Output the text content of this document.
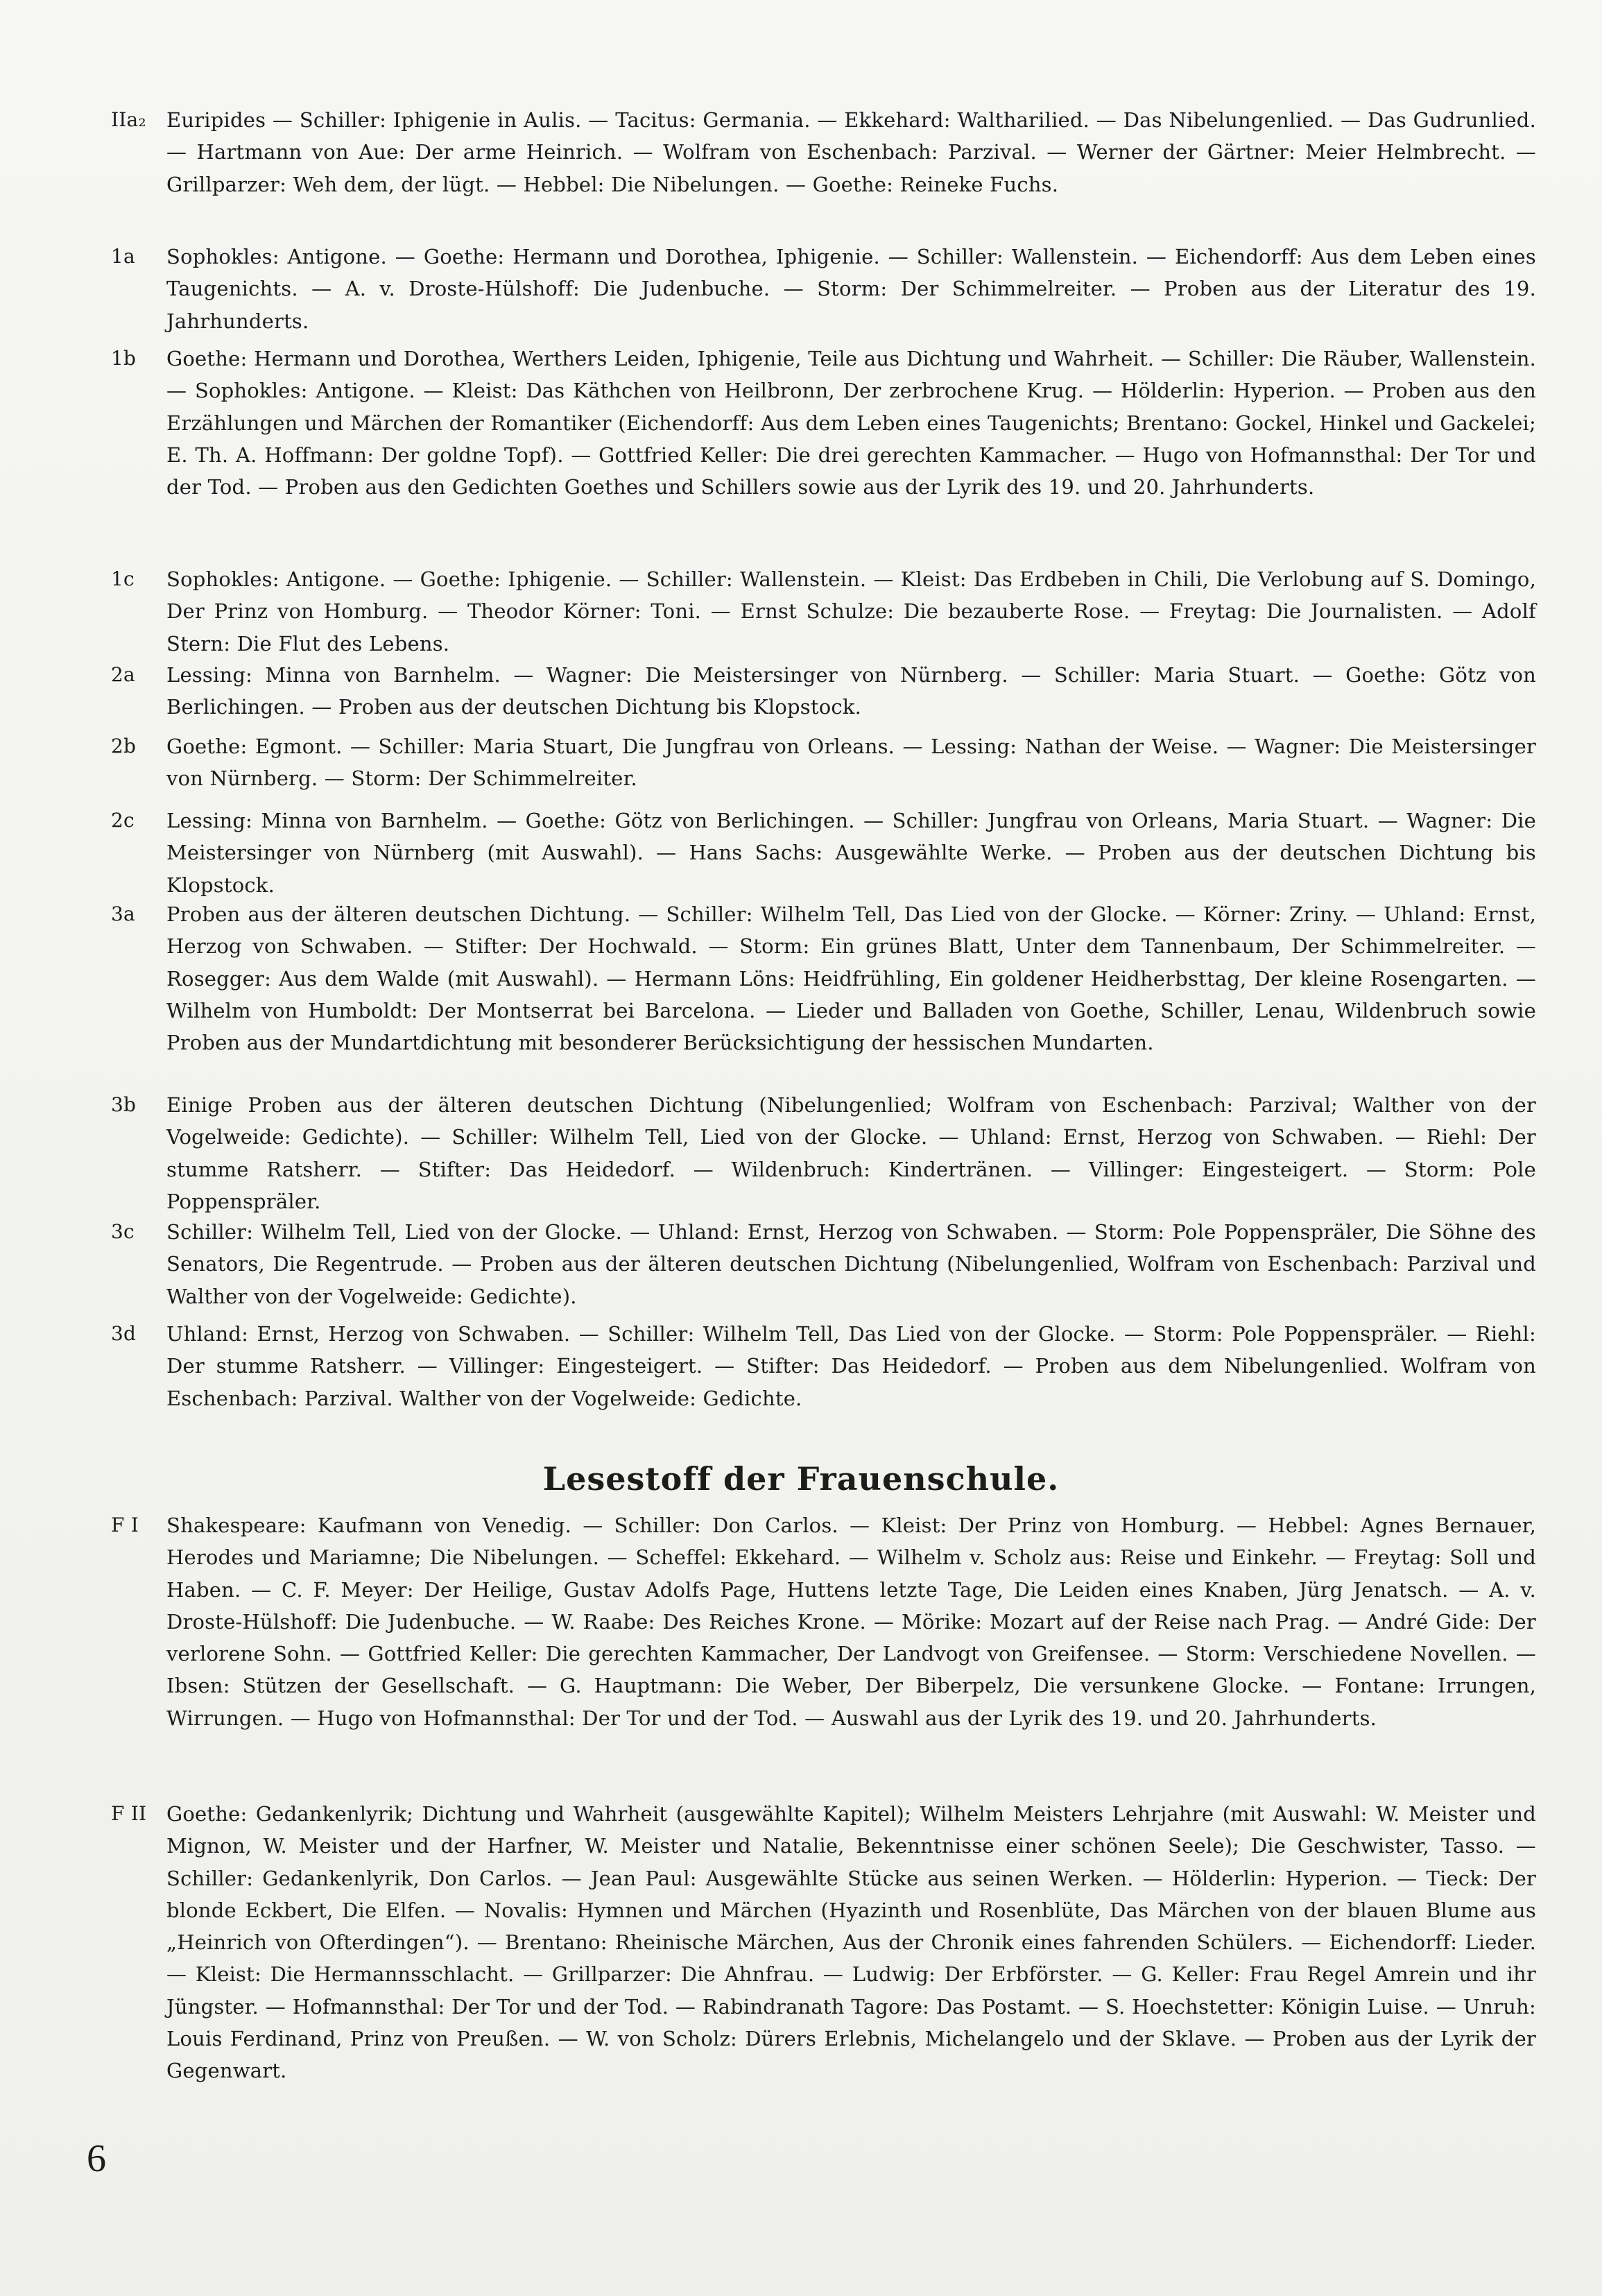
IIa₂	Euripides — Schiller: Iphigenie in Aulis. — Tacitus: Germania. — Ekkehard: Waltharilied. — Das Nibelungenlied. — Das Gudrunlied. — Hartmann von Aue: Der arme Heinrich. — Wolfram von Eschenbach: Parzival. — Werner der Gärtner: Meier Helmbrecht. — Grillparzer: Weh dem, der lügt. — Hebbel: Die Nibelungen. — Goethe: Reineke Fuchs.
1a	Sophokles: Antigone. — Goethe: Hermann und Dorothea, Iphigenie. — Schiller: Wallenstein. — Eichendorff: Aus dem Leben eines Taugenichts. — A. v. Droste-Hülshoff: Die Judenbuche. — Storm: Der Schimmelreiter. — Proben aus der Literatur des 19. Jahrhunderts.
1b	Goethe: Hermann und Dorothea, Werthers Leiden, Iphigenie, Teile aus Dichtung und Wahrheit. — Schiller: Die Räuber, Wallenstein. — Sophokles: Antigone. — Kleist: Das Käthchen von Heilbronn, Der zerbrochene Krug. — Hölderlin: Hyperion. — Proben aus den Erzählungen und Märchen der Romantiker (Eichendorff: Aus dem Leben eines Taugenichts; Brentano: Gockel, Hinkel und Gackelei; E. Th. A. Hoffmann: Der goldne Topf). — Gottfried Keller: Die drei gerechten Kammacher. — Hugo von Hofmannsthal: Der Tor und der Tod. — Proben aus den Gedichten Goethes und Schillers sowie aus der Lyrik des 19. und 20. Jahrhunderts.
1c	Sophokles: Antigone. — Goethe: Iphigenie. — Schiller: Wallenstein. — Kleist: Das Erdbeben in Chili, Die Verlobung auf S. Domingo, Der Prinz von Homburg. — Theodor Körner: Toni. — Ernst Schulze: Die bezauberte Rose. — Freytag: Die Journalisten. — Adolf Stern: Die Flut des Lebens.
2a	Lessing: Minna von Barnhelm. — Wagner: Die Meistersinger von Nürnberg. — Schiller: Maria Stuart. — Goethe: Götz von Berlichingen. — Proben aus der deutschen Dichtung bis Klopstock.
2b	Goethe: Egmont. — Schiller: Maria Stuart, Die Jungfrau von Orleans. — Lessing: Nathan der Weise. — Wagner: Die Meistersinger von Nürnberg. — Storm: Der Schimmelreiter.
2c	Lessing: Minna von Barnhelm. — Goethe: Götz von Berlichingen. — Schiller: Jungfrau von Orleans, Maria Stuart. — Wagner: Die Meistersinger von Nürnberg (mit Auswahl). — Hans Sachs: Ausgewählte Werke. — Proben aus der deutschen Dichtung bis Klopstock.
3a	Proben aus der älteren deutschen Dichtung. — Schiller: Wilhelm Tell, Das Lied von der Glocke. — Körner: Zriny. — Uhland: Ernst, Herzog von Schwaben. — Stifter: Der Hochwald. — Storm: Ein grünes Blatt, Unter dem Tannenbaum, Der Schimmelreiter. — Rosegger: Aus dem Walde (mit Auswahl). — Hermann Löns: Heidfrühling, Ein goldener Heidherbsttag, Der kleine Rosengarten. — Wilhelm von Humboldt: Der Montserrat bei Barcelona. — Lieder und Balladen von Goethe, Schiller, Lenau, Wildenbruch sowie Proben aus der Mundartdichtung mit besonderer Berücksichtigung der hessischen Mundarten.
3b	Einige Proben aus der älteren deutschen Dichtung (Nibelungenlied; Wolfram von Eschenbach: Parzival; Walther von der Vogelweide: Gedichte). — Schiller: Wilhelm Tell, Lied von der Glocke. — Uhland: Ernst, Herzog von Schwaben. — Riehl: Der stumme Ratsherr. — Stifter: Das Heidedorf. — Wildenbruch: Kindertränen. — Villinger: Eingesteigert. — Storm: Pole Poppenspräler.
3c	Schiller: Wilhelm Tell, Lied von der Glocke. — Uhland: Ernst, Herzog von Schwaben. — Storm: Pole Poppenspräler, Die Söhne des Senators, Die Regentrude. — Proben aus der älteren deutschen Dichtung (Nibelungenlied, Wolfram von Eschenbach: Parzival und Walther von der Vogelweide: Gedichte).
3d	Uhland: Ernst, Herzog von Schwaben. — Schiller: Wilhelm Tell, Das Lied von der Glocke. — Storm: Pole Poppenspräler. — Riehl: Der stumme Ratsherr. — Villinger: Eingesteigert. — Stifter: Das Heidedorf. — Proben aus dem Nibelungenlied. Wolfram von Eschenbach: Parzival. Walther von der Vogelweide: Gedichte.
Lesestoff der Frauenschule.
F I	Shakespeare: Kaufmann von Venedig. — Schiller: Don Carlos. — Kleist: Der Prinz von Homburg. — Hebbel: Agnes Bernauer, Herodes und Mariamne; Die Nibelungen. — Scheffel: Ekkehard. — Wilhelm v. Scholz aus: Reise und Einkehr. — Freytag: Soll und Haben. — C. F. Meyer: Der Heilige, Gustav Adolfs Page, Huttens letzte Tage, Die Leiden eines Knaben, Jürg Jenatsch. — A. v. Droste-Hülshoff: Die Judenbuche. — W. Raabe: Des Reiches Krone. — Mörike: Mozart auf der Reise nach Prag. — André Gide: Der verlorene Sohn. — Gottfried Keller: Die gerechten Kammacher, Der Landvogt von Greifensee. — Storm: Verschiedene Novellen. — Ibsen: Stützen der Gesellschaft. — G. Hauptmann: Die Weber, Der Biberpelz, Die versunkene Glocke. — Fontane: Irrungen, Wirrungen. — Hugo von Hofmannsthal: Der Tor und der Tod. — Auswahl aus der Lyrik des 19. und 20. Jahrhunderts.
F II Goethe: Gedankenlyrik; Dichtung und Wahrheit (ausgewählte Kapitel); Wilhelm Meisters Lehrjahre (mit Auswahl: W. Meister und Mignon, W. Meister und der Harfner, W. Meister und Natalie, Bekenntnisse einer schönen Seele); Die Geschwister, Tasso. — Schiller: Gedankenlyrik, Don Carlos. — Jean Paul: Ausgewählte Stücke aus seinen Werken. — Hölderlin: Hyperion. — Tieck: Der blonde Eckbert, Die Elfen. — Novalis: Hymnen und Märchen (Hyazinth und Rosenblüte, Das Märchen von der blauen Blume aus „Heinrich von Ofterdingen“). — Brentano: Rheinische Märchen, Aus der Chronik eines fahrenden Schülers. — Eichendorff: Lieder. — Kleist: Die Hermannsschlacht. — Grillparzer: Die Ahnfrau. — Ludwig: Der Erbförster. — G. Keller: Frau Regel Amrein und ihr Jüngster. — Hofmannsthal: Der Tor und der Tod. — Rabindranath Tagore: Das Postamt. — S. Hoechstetter: Königin Luise. — Unruh: Louis Ferdinand, Prinz von Preußen. — W. von Scholz: Dürers Erlebnis, Michelangelo und der Sklave. — Proben aus der Lyrik der Gegenwart.
6
